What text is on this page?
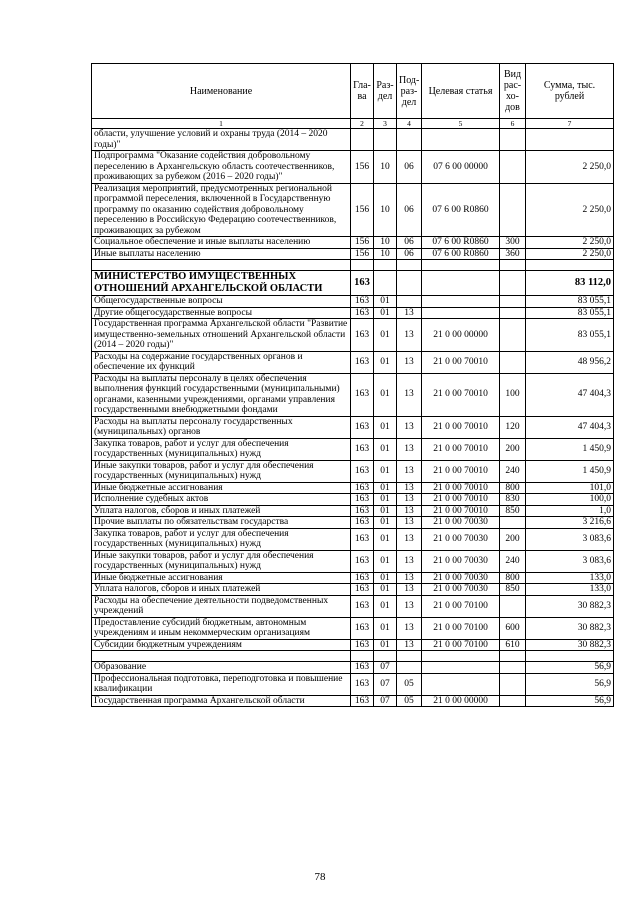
Наименование	Гла-ва	Раз-дел	Под-раз-дел	Целевая статья	Вид рас-хо-дов	Сумма, тыс. рублей
1	2	3	4	5	6	7
области, улучшение условий и охраны труда (2014 – 2020 годы)"						
Подпрограмма "Оказание содействия добровольному переселению в Архангельскую область соотечественников, проживающих за рубежом (2016 – 2020 годы)"	156	10	06	07 6 00 00000		2 250,0
Реализация мероприятий, предусмотренных региональной программой переселения, включенной в Государственную программу по оказанию содействия добровольному переселению в Российскую Федерацию соотечественников, проживающих за рубежом	156	10	06	07 6 00 R0860		2 250,0
Социальное обеспечение и иные выплаты населению	156	10	06	07 6 00 R0860	300	2 250,0
Иные выплаты населению	156	10	06	07 6 00 R0860	360	2 250,0

МИНИСТЕРСТВО ИМУЩЕСТВЕННЫХ ОТНОШЕНИЙ АРХАНГЕЛЬСКОЙ ОБЛАСТИ	163					83 112,0
Общегосударственные вопросы	163	01				83 055,1
Другие общегосударственные вопросы	163	01	13			83 055,1
Государственная программа Архангельской области "Развитие имущественно-земельных отношений Архангельской области (2014 – 2020 годы)"	163	01	13	21 0 00 00000		83 055,1
Расходы на содержание государственных органов и обеспечение их функций	163	01	13	21 0 00 70010		48 956,2
Расходы на выплаты персоналу в целях обеспечения выполнения функций государственными (муниципальными) органами, казенными учреждениями, органами управления государственными внебюджетными фондами	163	01	13	21 0 00 70010	100	47 404,3
Расходы на выплаты персоналу государственных (муниципальных) органов	163	01	13	21 0 00 70010	120	47 404,3
Закупка товаров, работ и услуг для обеспечения государственных (муниципальных) нужд	163	01	13	21 0 00 70010	200	1 450,9
Иные закупки товаров, работ и услуг для обеспечения государственных (муниципальных) нужд	163	01	13	21 0 00 70010	240	1 450,9
Иные бюджетные ассигнования	163	01	13	21 0 00 70010	800	101,0
Исполнение судебных актов	163	01	13	21 0 00 70010	830	100,0
Уплата налогов, сборов и иных платежей	163	01	13	21 0 00 70010	850	1,0
Прочие выплаты по обязательствам государства	163	01	13	21 0 00 70030		3 216,6
Закупка товаров, работ и услуг для обеспечения государственных (муниципальных) нужд	163	01	13	21 0 00 70030	200	3 083,6
Иные закупки товаров, работ и услуг для обеспечения государственных (муниципальных) нужд	163	01	13	21 0 00 70030	240	3 083,6
Иные бюджетные ассигнования	163	01	13	21 0 00 70030	800	133,0
Уплата налогов, сборов и иных платежей	163	01	13	21 0 00 70030	850	133,0
Расходы на обеспечение деятельности подведомственных учреждений	163	01	13	21 0 00 70100		30 882,3
Предоставление субсидий бюджетным, автономным учреждениям и иным некоммерческим организациям	163	01	13	21 0 00 70100	600	30 882,3
Субсидии бюджетным учреждениям	163	01	13	21 0 00 70100	610	30 882,3

Образование	163	07				56,9
Профессиональная подготовка, переподготовка и повышение квалификации	163	07	05			56,9
Государственная программа Архангельской области	163	07	05	21 0 00 00000		56,9
78
